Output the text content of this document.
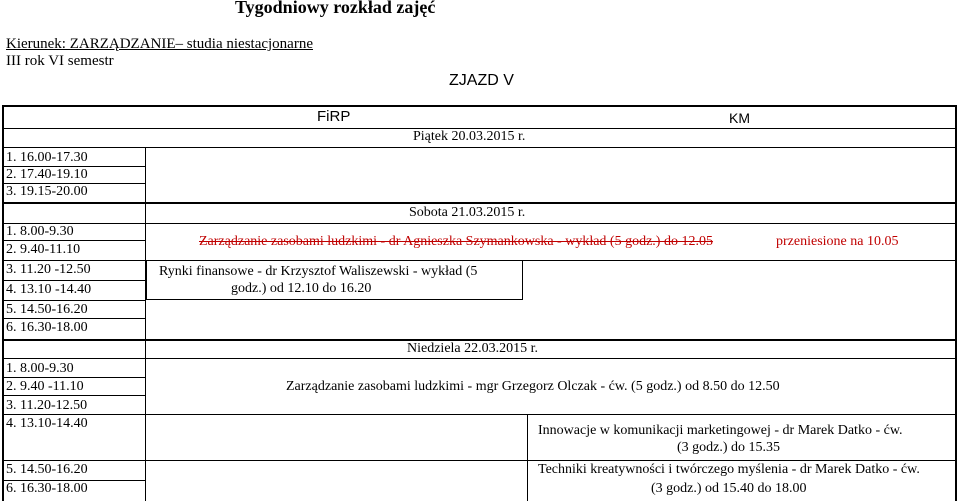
Tygodniowy rozkład zajęć
Kierunek: ZARZĄDZANIE– studia niestacjonarne
III rok VI semestr
ZJAZD V
FiRP	KM
Piątek 20.03.2015 r.
1. 16.00-17.30
2. 17.40-19.10
3. 19.15-20.00
Sobota 21.03.2015 r.
1. 8.00-9.30
2. 9.40-11.10
3. 11.20 -12.50
4. 13.10 -14.40
5. 14.50-16.20
6. 16.30-18.00
Zarządzanie zasobami ludzkimi - dr Agnieszka Szymankowska - wykład (5 godz.) do 12.05	przeniesione na 10.05
Rynki finansowe - dr Krzysztof Waliszewski - wykład (5
godz.) od 12.10 do 16.20
Niedziela 22.03.2015 r.
1. 8.00-9.30
2. 9.40 -11.10
3. 11.20-12.50
4. 13.10-14.40
5. 14.50-16.20
6. 16.30-18.00
Zarządzanie zasobami ludzkimi - mgr Grzegorz Olczak - ćw. (5 godz.) od 8.50 do 12.50
Innowacje w komunikacji marketingowej - dr Marek Datko - ćw.
(3 godz.) do 15.35
Techniki kreatywności i twórczego myślenia - dr Marek Datko - ćw.
(3 godz.) od 15.40 do 18.00
